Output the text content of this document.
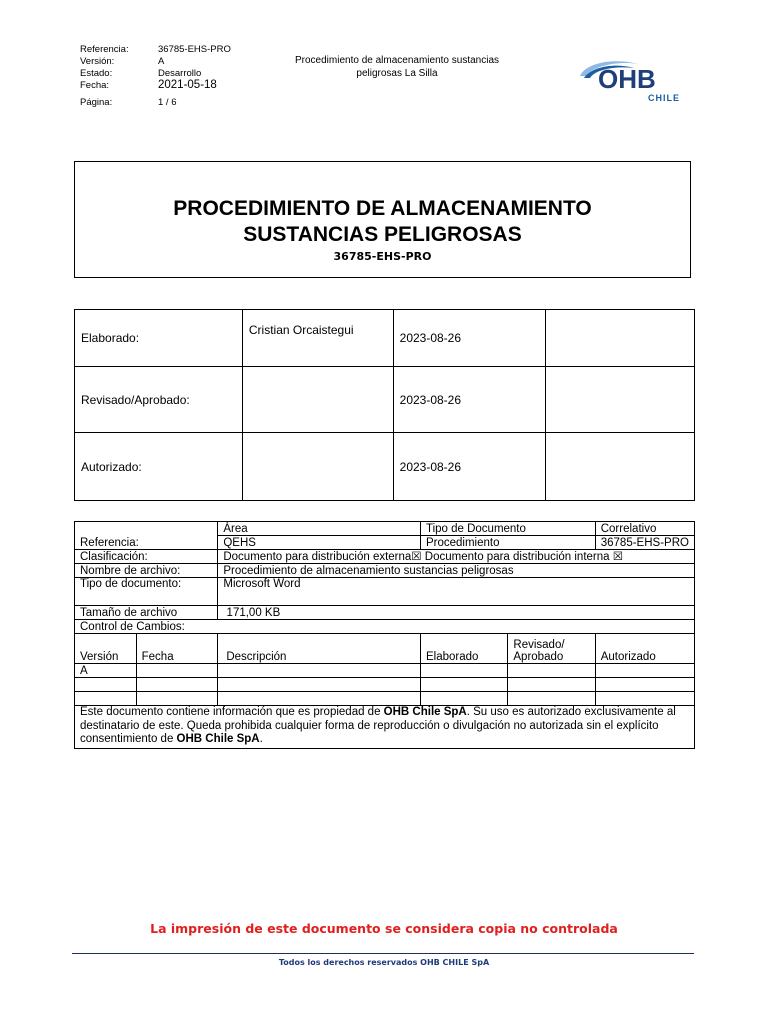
Referencia:	36785-EHS-PRO
Versión:	A
Estado:	Desarrollo
Fecha:	2021-05-18
Página:	1 / 6
Procedimiento de almacenamiento sustancias
peligrosas La Silla	OHB
CHILE
PROCEDIMIENTO DE ALMACENAMIENTO
SUSTANCIAS PELIGROSAS
36785-EHS-PRO
Elaborado:	Cristian Orcaistegui	2023-08-26	
Revisado/Aprobado:		2023-08-26	
Autorizado:		2023-08-26	
		Área	Tipo de Documento		Correlativo
Referencia:		QEHS	Procedimiento		36785-EHS-PRO
Clasificación:		Documento para distribución externa☒ Documento para distribución interna ☒			
Nombre de archivo:		Procedimiento de almacenamiento sustancias peligrosas			
Tipo de documento:		Microsoft Word			
Tamaño de archivo		171,00 KB			
Control de Cambios:					
Versión	Fecha	Descripción	Elaborado	Revisado/ Aprobado	Autorizado
A					

Este documento contiene información que es propiedad de OHB Chile SpA. Su uso es autorizado exclusivamente al destinatario de este. Queda prohibida cualquier forma de reproducción o divulgación no autorizada sin el explícito consentimiento de OHB Chile SpA.					
La impresión de este documento se considera copia no controlada
Todos los derechos reservados OHB CHILE SpA
